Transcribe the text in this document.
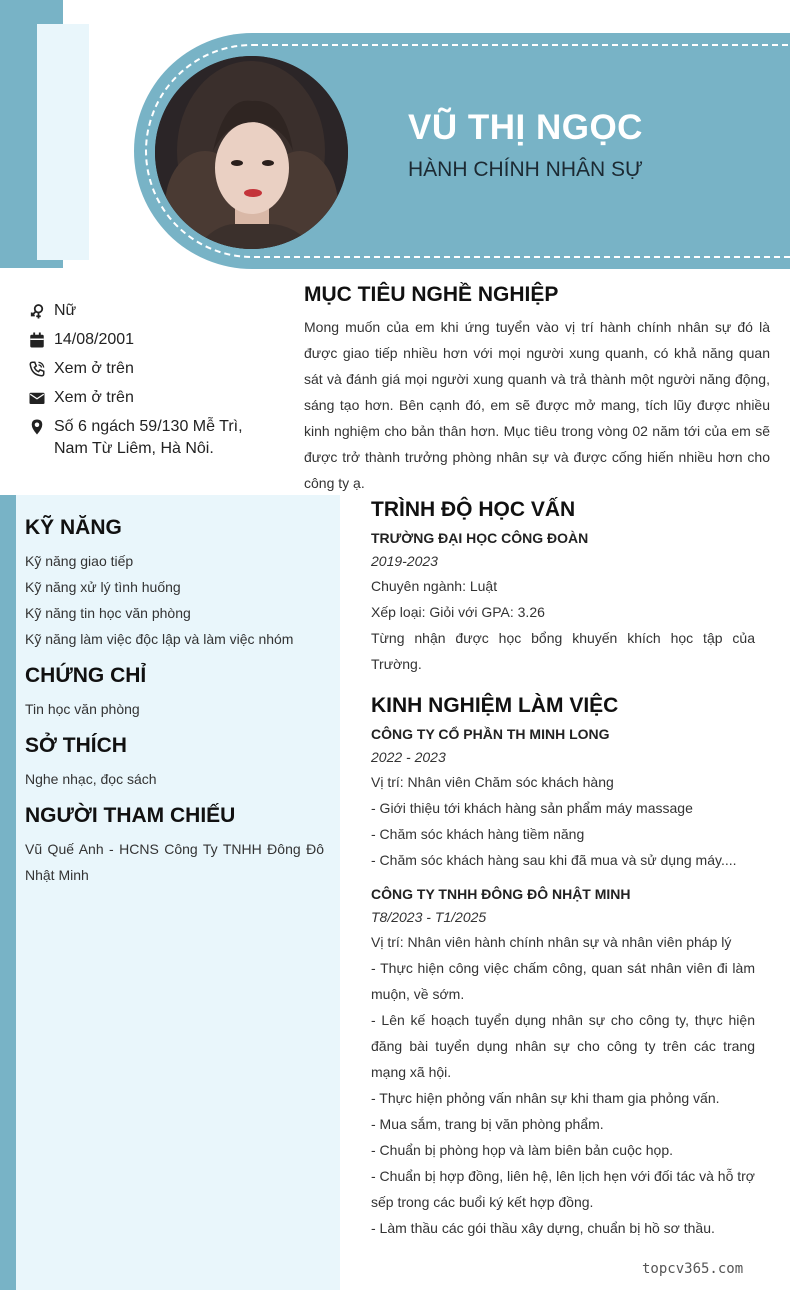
VŨ THỊ NGỌC
HÀNH CHÍNH NHÂN SỰ
Nữ
14/08/2001
Xem ở trên
Xem ở trên
Số 6 ngách 59/130 Mễ Trì, Nam Từ Liêm, Hà Nôi.
MỤC TIÊU NGHỀ NGHIỆP

Mong muốn của em khi ứng tuyển vào vị trí hành chính nhân sự đó là được giao tiếp nhiều hơn với mọi người xung quanh, có khả năng quan sát và đánh giá mọi người xung quanh và trả thành một người năng động, sáng tạo hơn. Bên cạnh đó, em sẽ được mở mang, tích lũy được nhiều kinh nghiệm cho bản thân hơn. Mục tiêu trong vòng 02 năm tới của em sẽ được trở thành trưởng phòng nhân sự và được cống hiến nhiều hơn cho công ty ạ.

KỸ NĂNG
Kỹ năng giao tiếp
Kỹ năng xử lý tình huống
Kỹ năng tin học văn phòng
Kỹ năng làm việc độc lập và làm việc nhóm
CHỨNG CHỈ
Tin học văn phòng
SỞ THÍCH
Nghe nhạc, đọc sách
NGƯỜI THAM CHIẾU
Vũ Quế Anh - HCNS Công Ty TNHH Đông Đô Nhật Minh
TRÌNH ĐỘ HỌC VẤN
TRƯỜNG ĐẠI HỌC CÔNG ĐOÀN
2019-2023
Chuyên ngành: Luật
Xếp loại: Giỏi với GPA: 3.26
Từng nhận được học bổng khuyến khích học tập của Trường.
KINH NGHIỆM LÀM VIỆC
CÔNG TY CỔ PHẦN TH MINH LONG
2022 - 2023
Vị trí: Nhân viên Chăm sóc khách hàng
- Giới thiệu tới khách hàng sản phẩm máy massage
- Chăm sóc khách hàng tiềm năng
- Chăm sóc khách hàng sau khi đã mua và sử dụng máy....
CÔNG TY TNHH ĐÔNG ĐÔ NHẬT MINH
T8/2023 - T1/2025
Vị trí: Nhân viên hành chính nhân sự và nhân viên pháp lý
- Thực hiện công việc chấm công, quan sát nhân viên đi làm muộn, về sớm.
- Lên kế hoạch tuyển dụng nhân sự cho công ty, thực hiện đăng bài tuyển dụng nhân sự cho công ty trên các trang mạng xã hội.
- Thực hiện phỏng vấn nhân sự khi tham gia phỏng vấn.
- Mua sắm, trang bị văn phòng phẩm.
- Chuẩn bị phòng họp và làm biên bản cuộc họp.
- Chuẩn bị hợp đồng, liên hệ, lên lịch hẹn với đối tác và hỗ trợ sếp trong các buổi ký kết hợp đồng.
- Làm thầu các gói thầu xây dựng, chuẩn bị hồ sơ thầu.
topcv365.com
